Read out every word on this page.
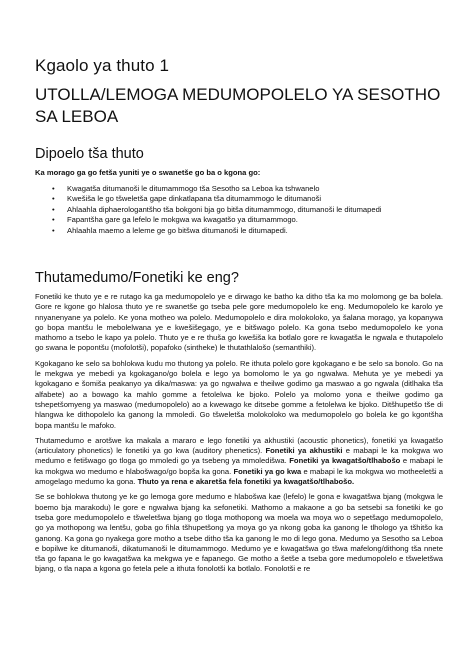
Kgaolo ya thuto 1
UTOLLA/LEMOGA MEDUMOPOLELO YA SESOTHO SA LEBOA
Dipoelo tša thuto

Ka morago ga go fetša yuniti ye o swanetše go ba o kgona go:

• Kwagatša ditumanoši le ditumammogo tša Sesotho sa Leboa ka tshwanelo
• Kwešiša le go tšweletša gape dinkatlapana tša ditumammogo le ditumanoši
• Ahlaahla diphaerologantšho tša bokgoni bja go bitša ditumammogo, ditumanoši le ditumapedi
• Fapantšha gare ga lefelo le mokgwa wa kwagatšo ya ditumammogo.
• Ahlaahla maemo a leleme ge go bitšwa ditumanoši le ditumapedi.
Thutamedumo/Fonetiki ke eng?

Fonetiki ke thuto ye e re rutago ka ga medumopolelo ye e dirwago ke batho ka ditho tša ka mo molomong ge ba bolela. Gore re kgone go hlalosa thuto ye re swanetše go tseba pele gore medumopolelo ke eng. Medumopolelo ke karolo ye nnyanenyane ya polelo. Ke yona motheo wa polelo. Medumopolelo e dira molokoloko, ya šalana moragọ, ya kopanywa go bopa mantšu le mebolelwana ye e kwešišegago, ye e bitšwago polelo. Ka gona tsebo medumopolelo ke yona mathomo a tsebo le kapo ya polelo. Thuto ye e re thuša go kwešiša ka botlalo gore re kwagatša le ngwala e thutapolelo go swana le popontšu (mofolotši), popafoko (sintheke) le thutathlalošo (semanthiki).

Kgokagano ke selo sa bohlokwa kudu mo thutong ya polelo. Re ithuta polelo gore kgokagano e be selo sa bonolo. Go na le mekgwa ye mebedi ya kgokagano/go bolela e lego ya bomolomo le ya go ngwalwa. Mehuta ye ye mebedi ya kgokagano e šomiša peakanyo ya dika/maswa: ya go ngwalwa e theilwe godimo ga maswao a go ngwala (ditlhaka tša alfabete) ao a bowago ka mahlo gomme a fetolelwa ke bjoko. Polelo ya molomo yona e theilwe godimo ga tshepetšomyeng ya maswao (medumopolelo) ao a kwewago ke ditsebe gomme a fetolelwa ke bjoko. Ditšhupetšo tše di hlangwa ke dithopolelo ka ganong la mmoledi. Go tšweletša molokoloko wa medumopolelo go bolela ke go kgontšha bopa mantšu le mafoko.

Thutamedumo e arotšwe ka makala a mararo e lego fonetiki ya akhustiki (acoustic phonetics), fonetiki ya kwagatšo (articulatory phonetics) le fonetiki ya go kwa (auditory phenetics). Fonetiki ya akhustiki e mabapi le ka mokgwa wo medumo e fetišwago go tloga go mmoledi go ya tsebeng ya mmoledišwa. Fonetiki ya kwagatšo/tlhabošo e mabapi le ka mokgwa wo medumo e hlabošwago/go bopša ka gona. Fonetiki ya go kwa e mabapi le ka mokgwa wo motheeletši a amogelago medumo ka gona. Thuto ya rena e akaretša fela fonetiki ya kwagatšo/tlhabošo.

Se se bohlokwa thutong ye ke go lemoga gore medumo e hlabošwa kae (lefelo) le gona e kwagatšwa bjang (mokgwa le boemo bja marakodu) le gore e ngwalwa bjang ka sefonetiki. Mathomo a makaone a go ba setsebi sa fonetiki ke go tseba gore medumopolelo e tšweletšwa bjang go tloga mothopong wa moela wa moya wo o sepetšago medumopolelo, go ya mothopong wa lentšu, goba go fihla tšhupetšong ya moya go ya nkong goba ka ganong le tlhologo ya tšhitšo ka ganong. Ka gona go nyakega gore motho a tsebe ditho tša ka ganong le mo di lego gona. Medumo ya Sesotho sa Leboa e bopilwe ke ditumanoši, dikatumanoši le ditumammogo. Medumo ye e kwagatšwa go tšwa mafelong/dithong tša nnete tša go fapana le go kwagatšwa ka mekgwa ye e fapanego. Ge motho a šetše a tseba gore medumopolelo e tšweletšwa bjang, o tla napa a kgona go fetela pele a ithuta fonolotši ka botlalo. Fonolotši e re
